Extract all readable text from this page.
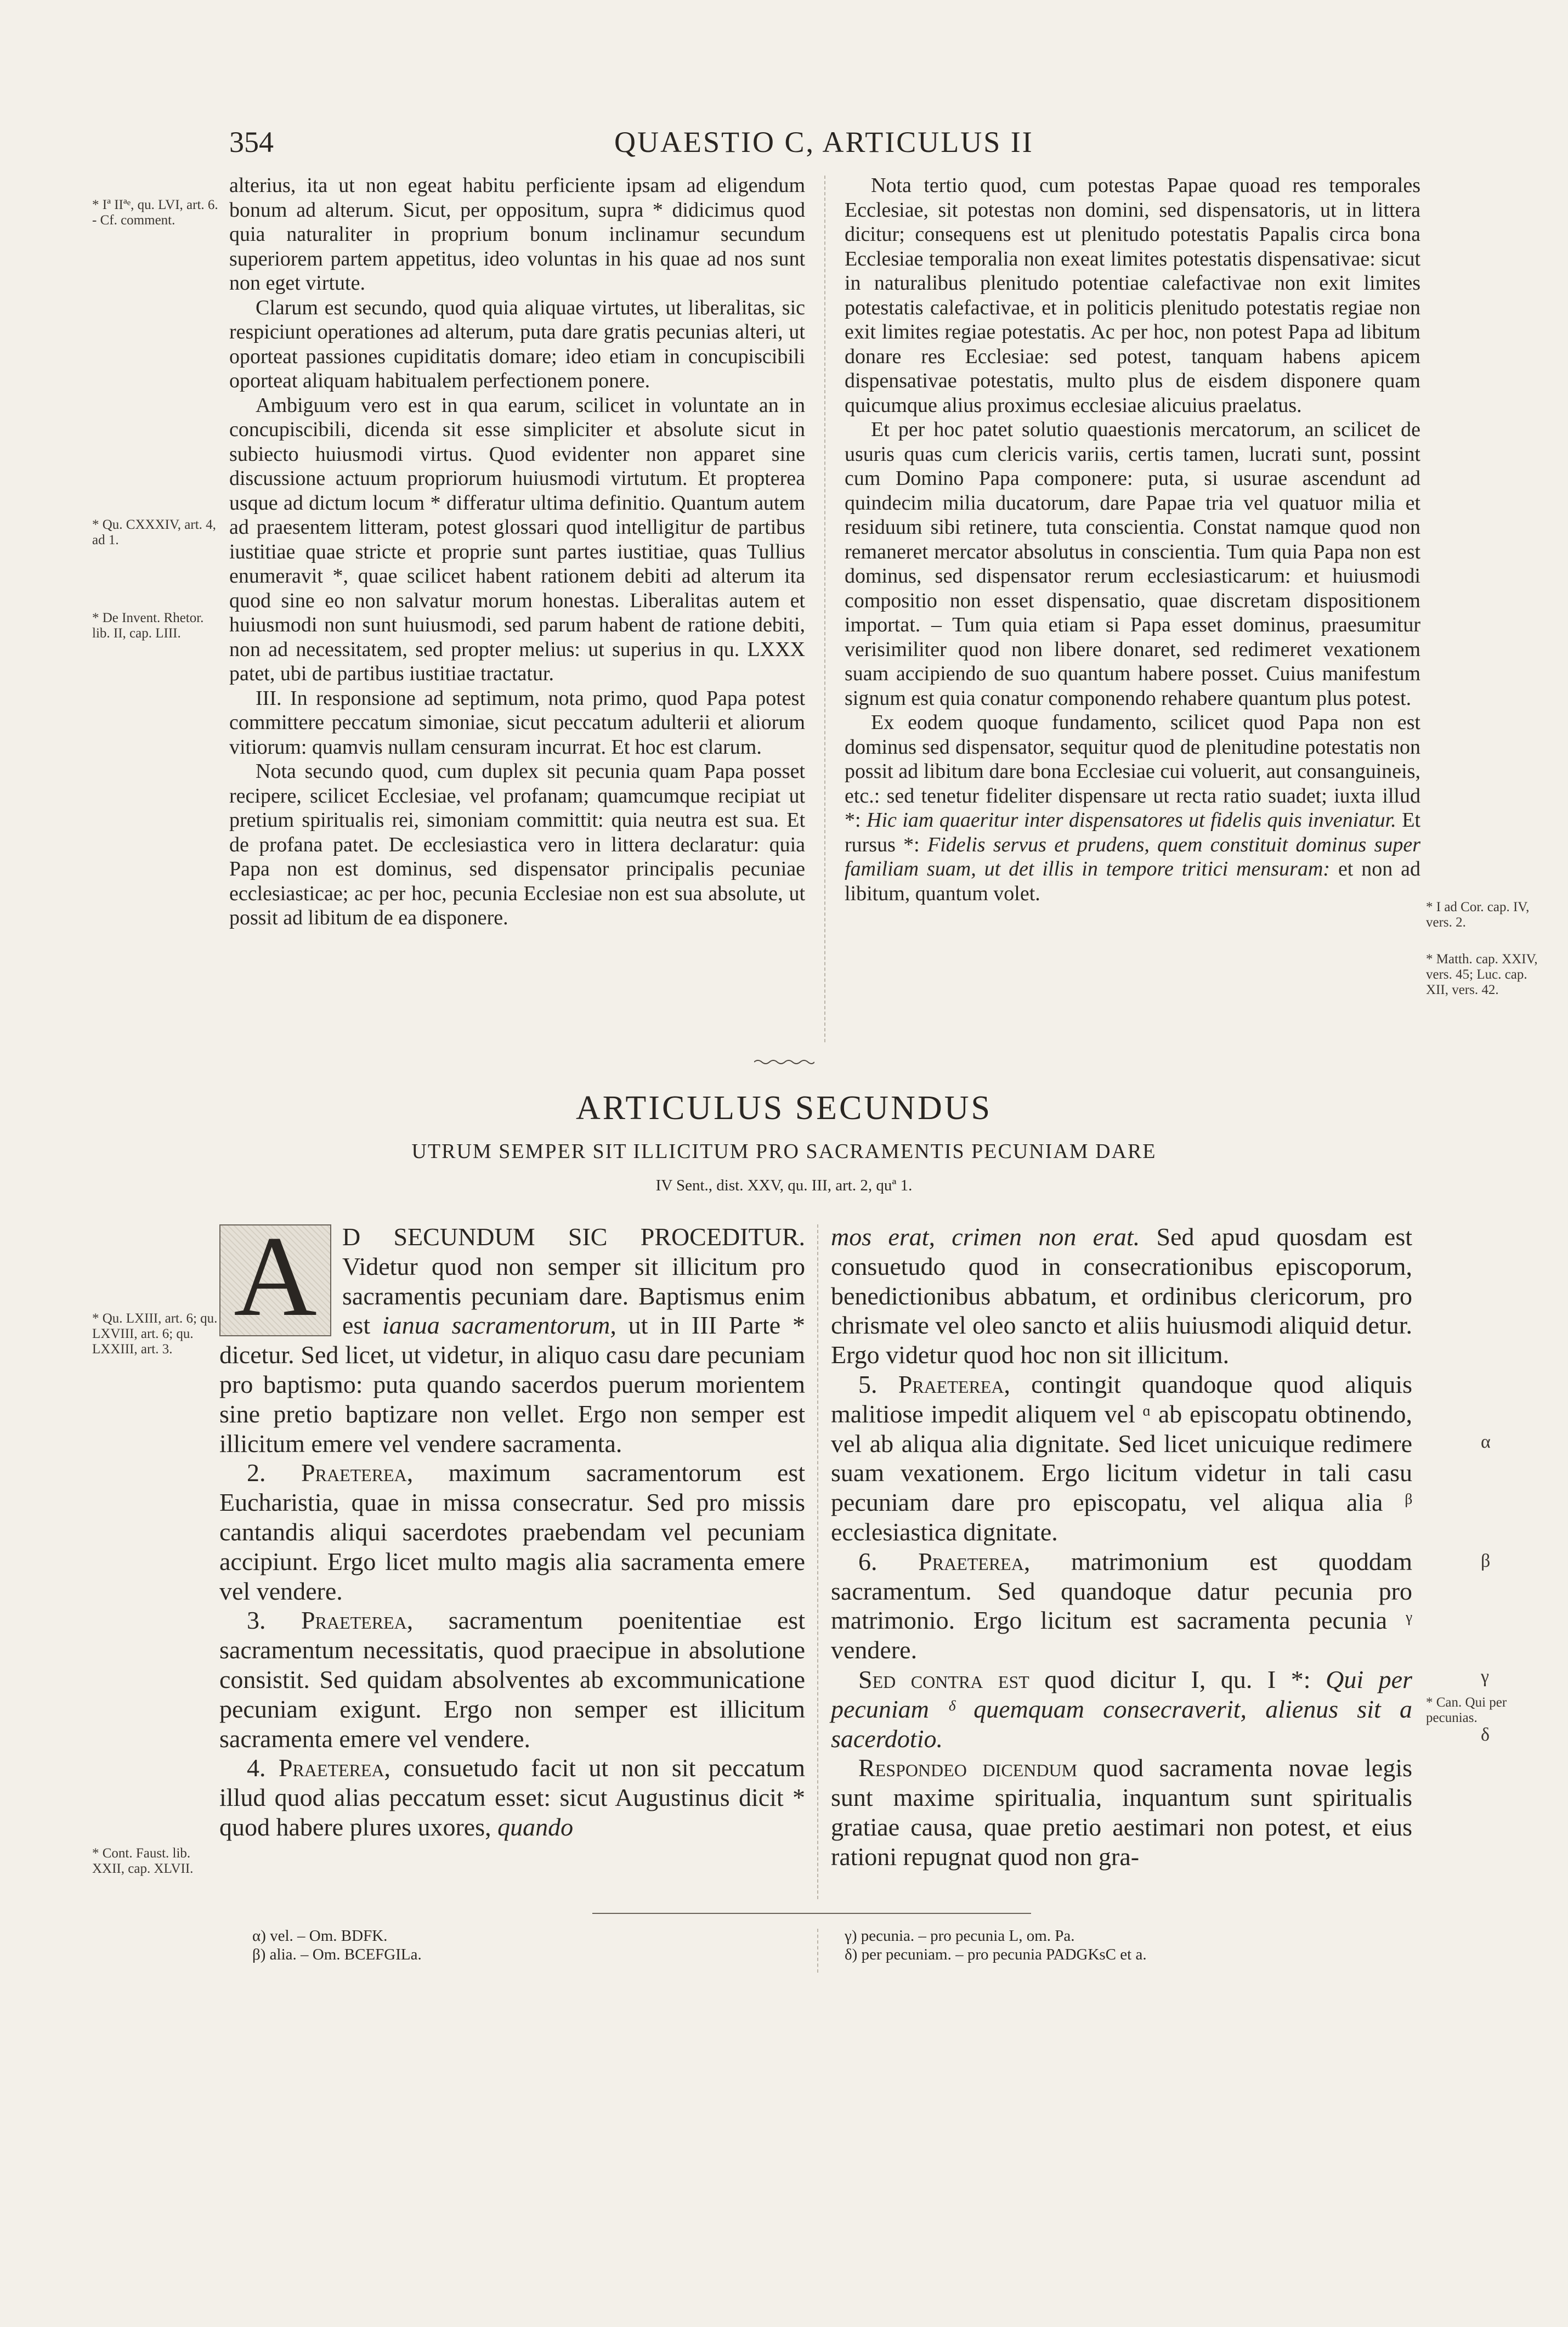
354	QUAESTIO C, ARTICULUS II

alterius, ita ut non egeat habitu perficiente ipsam ad eligendum bonum ad alterum. Sicut, per oppositum, supra * didicimus quod quia naturaliter in proprium bonum inclinamur secundum superiorem partem appetitus, ideo voluntas in his quae ad nos sunt non eget virtute.

Clarum est secundo, quod quia aliquae virtutes, ut liberalitas, sic respiciunt operationes ad alterum, puta dare gratis pecunias alteri, ut oporteat passiones cupiditatis domare; ideo etiam in concupiscibili oporteat aliquam habitualem perfectionem ponere.

Ambiguum vero est in qua earum, scilicet in voluntate an in concupiscibili, dicenda sit esse simpliciter et absolute sicut in subiecto huiusmodi virtus. Quod evidenter non apparet sine discussione actuum propriorum huiusmodi virtutum. Et propterea usque ad dictum locum * differatur ultima definitio. Quantum autem ad praesentem litteram, potest glossari quod intelligitur de partibus iustitiae quae stricte et proprie sunt partes iustitiae, quas Tullius enumeravit *, quae scilicet habent rationem debiti ad alterum ita quod sine eo non salvatur morum honestas. Liberalitas autem et huiusmodi non sunt huiusmodi, sed parum habent de ratione debiti, non ad necessitatem, sed propter melius: ut superius in qu. LXXX patet, ubi de partibus iustitiae tractatur.

III. In responsione ad septimum, nota primo, quod Papa potest committere peccatum simoniae, sicut peccatum adulterii et aliorum vitiorum: quamvis nullam censuram incurrat. Et hoc est clarum.

Nota secundo quod, cum duplex sit pecunia quam Papa posset recipere, scilicet Ecclesiae, vel profanam; quamcumque recipiat ut pretium spiritualis rei, simoniam committit: quia neutra est sua. Et de profana patet. De ecclesiastica vero in littera declaratur: quia Papa non est dominus, sed dispensator principalis pecuniae ecclesiasticae; ac per hoc, pecunia Ecclesiae non est sua absolute, ut possit ad libitum de ea disponere.

Nota tertio quod, cum potestas Papae quoad res temporales Ecclesiae, sit potestas non domini, sed dispensatoris, ut in littera dicitur; consequens est ut plenitudo potestatis Papalis circa bona Ecclesiae temporalia non exeat limites potestatis dispensativae: sicut in naturalibus plenitudo potentiae calefactivae non exit limites potestatis calefactivae, et in politicis plenitudo potestatis regiae non exit limites regiae potestatis. Ac per hoc, non potest Papa ad libitum donare res Ecclesiae: sed potest, tanquam habens apicem dispensativae potestatis, multo plus de eisdem disponere quam quicumque alius proximus ecclesiae alicuius praelatus.

Et per hoc patet solutio quaestionis mercatorum, an scilicet de usuris quas cum clericis variis, certis tamen, lucrati sunt, possint cum Domino Papa componere: puta, si usurae ascendunt ad quindecim milia ducatorum, dare Papae tria vel quatuor milia et residuum sibi retinere, tuta conscientia. Constat namque quod non remaneret mercator absolutus in conscientia. Tum quia Papa non est dominus, sed dispensator rerum ecclesiasticarum: et huiusmodi compositio non esset dispensatio, quae discretam dispositionem importat. – Tum quia etiam si Papa esset dominus, praesumitur verisimiliter quod non libere donaret, sed redimeret vexationem suam accipiendo de suo quantum habere posset. Cuius manifestum signum est quia conatur componendo rehabere quantum plus potest.

Ex eodem quoque fundamento, scilicet quod Papa non est dominus sed dispensator, sequitur quod de plenitudine potestatis non possit ad libitum dare bona Ecclesiae cui voluerit, aut consanguineis, etc.: sed tenetur fideliter dispensare ut recta ratio suadet; iuxta illud *: Hic iam quaeritur inter dispensatores ut fidelis quis inveniatur. Et rursus *: Fidelis servus et prudens, quem constituit dominus super familiam suam, ut det illis in tempore tritici mensuram: et non ad libitum, quantum volet.

* Iª IIªᵉ, qu. LVI, art. 6. - Cf. comment.
* Qu. CXXXIV, art. 4, ad 1.
* De Invent. Rhetor. lib. II, cap. LIII.
* I ad Cor. cap. IV, vers. 2.
* Matth. cap. XXIV, vers. 45; Luc. cap. XII, vers. 42.
ARTICULUS SECUNDUS
UTRUM SEMPER SIT ILLICITUM PRO SACRAMENTIS PECUNIAM DARE
IV Sent., dist. XXV, qu. III, art. 2, quª 1.

A	D SECUNDUM SIC PROCEDITUR. Videtur quod non semper sit illicitum pro sacramentis pecuniam dare. Baptismus enim est ianua sacramentorum, ut in III Parte * dicetur. Sed licet, ut videtur, in aliquo casu dare pecuniam pro baptismo: puta quando sacerdos puerum morientem sine pretio baptizare non vellet. Ergo non semper est illicitum emere vel vendere sacramenta.

2. Praeterea, maximum sacramentorum est Eucharistia, quae in missa consecratur. Sed pro missis cantandis aliqui sacerdotes praebendam vel pecuniam accipiunt. Ergo licet multo magis alia sacramenta emere vel vendere.

3. Praeterea, sacramentum poenitentiae est sacramentum necessitatis, quod praecipue in absolutione consistit. Sed quidam absolventes ab excommunicatione pecuniam exigunt. Ergo non semper est illicitum sacramenta emere vel vendere.

4. Praeterea, consuetudo facit ut non sit peccatum illud quod alias peccatum esset: sicut Augustinus dicit * quod habere plures uxores, quando

mos erat, crimen non erat. Sed apud quosdam est consuetudo quod in consecrationibus episcoporum, benedictionibus abbatum, et ordinibus clericorum, pro chrismate vel oleo sancto et aliis huiusmodi aliquid detur. Ergo videtur quod hoc non sit illicitum.

5. Praeterea, contingit quandoque quod aliquis malitiose impedit aliquem vel ᵅ ab episcopatu obtinendo, vel ab aliqua alia dignitate. Sed licet unicuique redimere suam vexationem. Ergo licitum videtur in tali casu pecuniam dare pro episcopatu, vel aliqua alia ᵝ ecclesiastica dignitate.

6. Praeterea, matrimonium est quoddam sacramentum. Sed quandoque datur pecunia pro matrimonio. Ergo licitum est sacramenta pecunia ᵞ vendere.

Sed contra est quod dicitur I, qu. I *: Qui per pecuniam ᵟ quemquam consecraverit, alienus sit a sacerdotio.

Respondeo dicendum quod sacramenta novae legis sunt maxime spiritualia, inquantum sunt spiritualis gratiae causa, quae pretio aestimari non potest, et eius rationi repugnat quod non gra-

* Qu. LXIII, art. 6; qu. LXVIII, art. 6; qu. LXXIII, art. 3.
* Cont. Faust. lib. XXII, cap. XLVII.
* Can. Qui per pecunias.
α
β
γ
δ
α) vel. – Om. BDFK.
β) alia. – Om. BCEFGILa.
γ) pecunia. – pro pecunia L, om. Pa.
δ) per pecuniam. – pro pecunia PADGKsC et a.
